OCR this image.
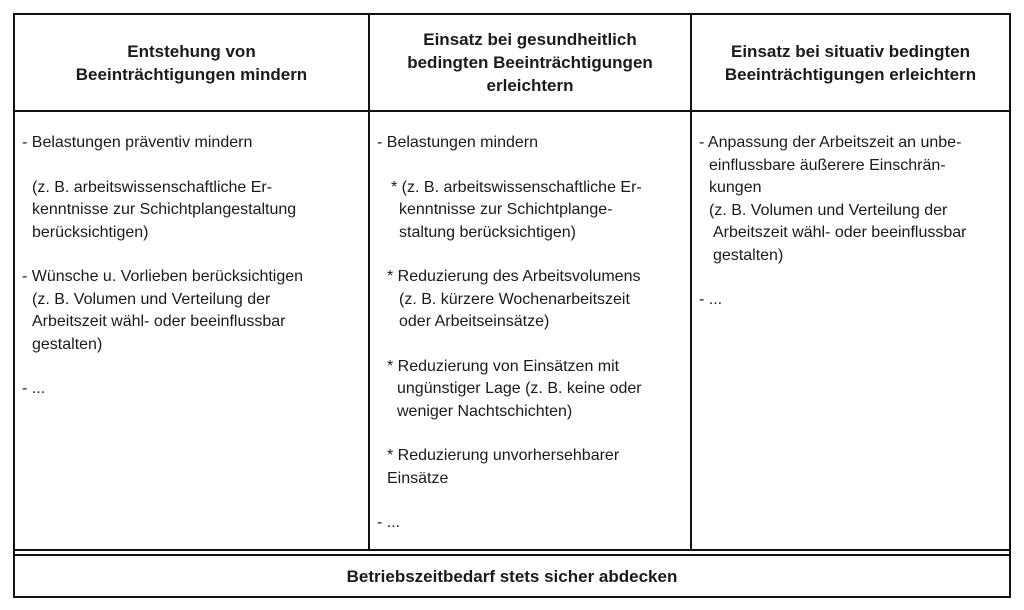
Entstehung von
Beeinträchtigungen mindern
Einsatz bei gesundheitlich
bedingten Beeinträchtigungen
erleichtern
Einsatz bei situativ bedingten
Beeinträchtigungen erleichtern

- Belastungen präventiv mindern

(z. B. arbeitswissenschaftliche Er-

kenntnisse zur Schichtplangestaltung

berücksichtigen)

- Wünsche u. Vorlieben berücksichtigen

(z. B. Volumen und Verteilung der

Arbeitszeit wähl- oder beeinflussbar

gestalten)

- ...

- Belastungen mindern

* (z. B. arbeitswissenschaftliche Er-

kenntnisse zur Schichtplange-

staltung berücksichtigen)

* Reduzierung des Arbeitsvolumens

(z. B. kürzere Wochenarbeitszeit

oder Arbeitseinsätze)

* Reduzierung von Einsätzen mit

ungünstiger Lage (z. B. keine oder

weniger Nachtschichten)

* Reduzierung unvorhersehbarer

Einsätze

- ...

- Anpassung der Arbeitszeit an unbe-

einflussbare äußerere Einschrän-

kungen

(z. B. Volumen und Verteilung der

Arbeitszeit wähl- oder beeinflussbar

gestalten)

- ...

Betriebszeitbedarf stets sicher abdecken
